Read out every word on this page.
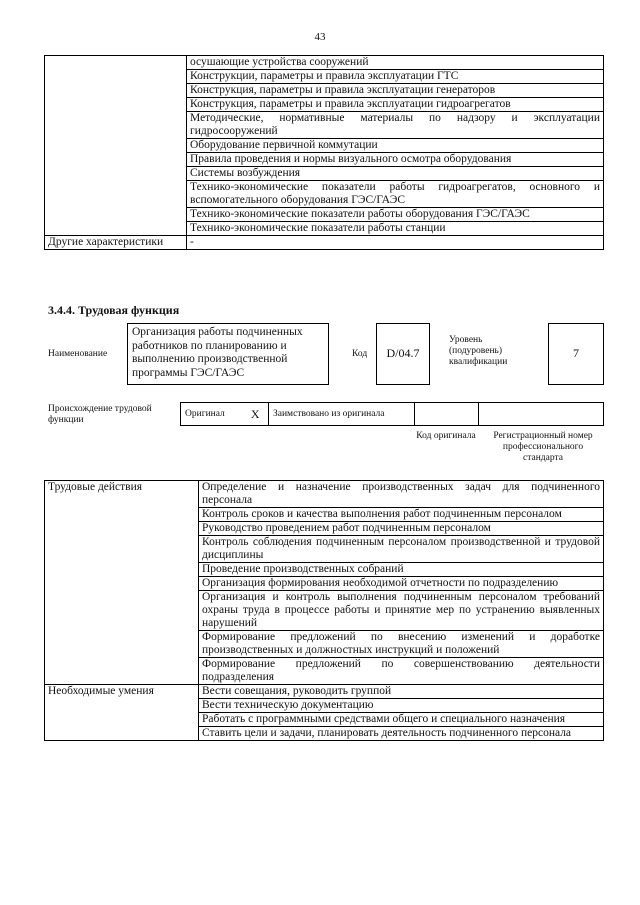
43
	осушающие устройства сооружений
	Конструкции, параметры и правила эксплуатации ГТС
	Конструкция, параметры и правила эксплуатации генераторов
	Конструкция, параметры и правила эксплуатации гидроагрегатов
	Методические, нормативные материалы по надзору и эксплуатации гидросооружений
	Оборудование первичной коммутации
	Правила проведения и нормы визуального осмотра оборудования
	Системы возбуждения
	Технико-экономические показатели работы гидроагрегатов, основного и вспомогательного оборудования ГЭС/ГАЭС
	Технико-экономические показатели работы оборудования ГЭС/ГАЭС
	Технико-экономические показатели работы станции
Другие характеристики	-
3.4.4. Трудовая функция
Наименование
Организация работы подчиненных работников по планированию и выполнению производственной программы ГЭС/ГАЭС
Код	D/04.7
Уровень (подуровень) квалификации
7
Происхождение трудовой функции
Оригинал	X	Заимствовано из оригинала		
Код оригинала	Регистрационный номер профессионального стандарта
Трудовые действия	Определение и назначение производственных задач для подчиненного персонала
	Контроль сроков и качества выполнения работ подчиненным персоналом
	Руководство проведением работ подчиненным персоналом
	Контроль соблюдения подчиненным персоналом производственной и трудовой дисциплины
	Проведение производственных собраний
	Организация формирования необходимой отчетности по подразделению
	Организация и контроль выполнения подчиненным персоналом требований охраны труда в процессе работы и принятие мер по устранению выявленных нарушений
	Формирование предложений по внесению изменений и доработке производственных и должностных инструкций и положений
	Формирование предложений по совершенствованию деятельности подразделения
Необходимые умения	Вести совещания, руководить группой
	Вести техническую документацию
	Работать с программными средствами общего и специального назначения
	Ставить цели и задачи, планировать деятельность подчиненного персонала
